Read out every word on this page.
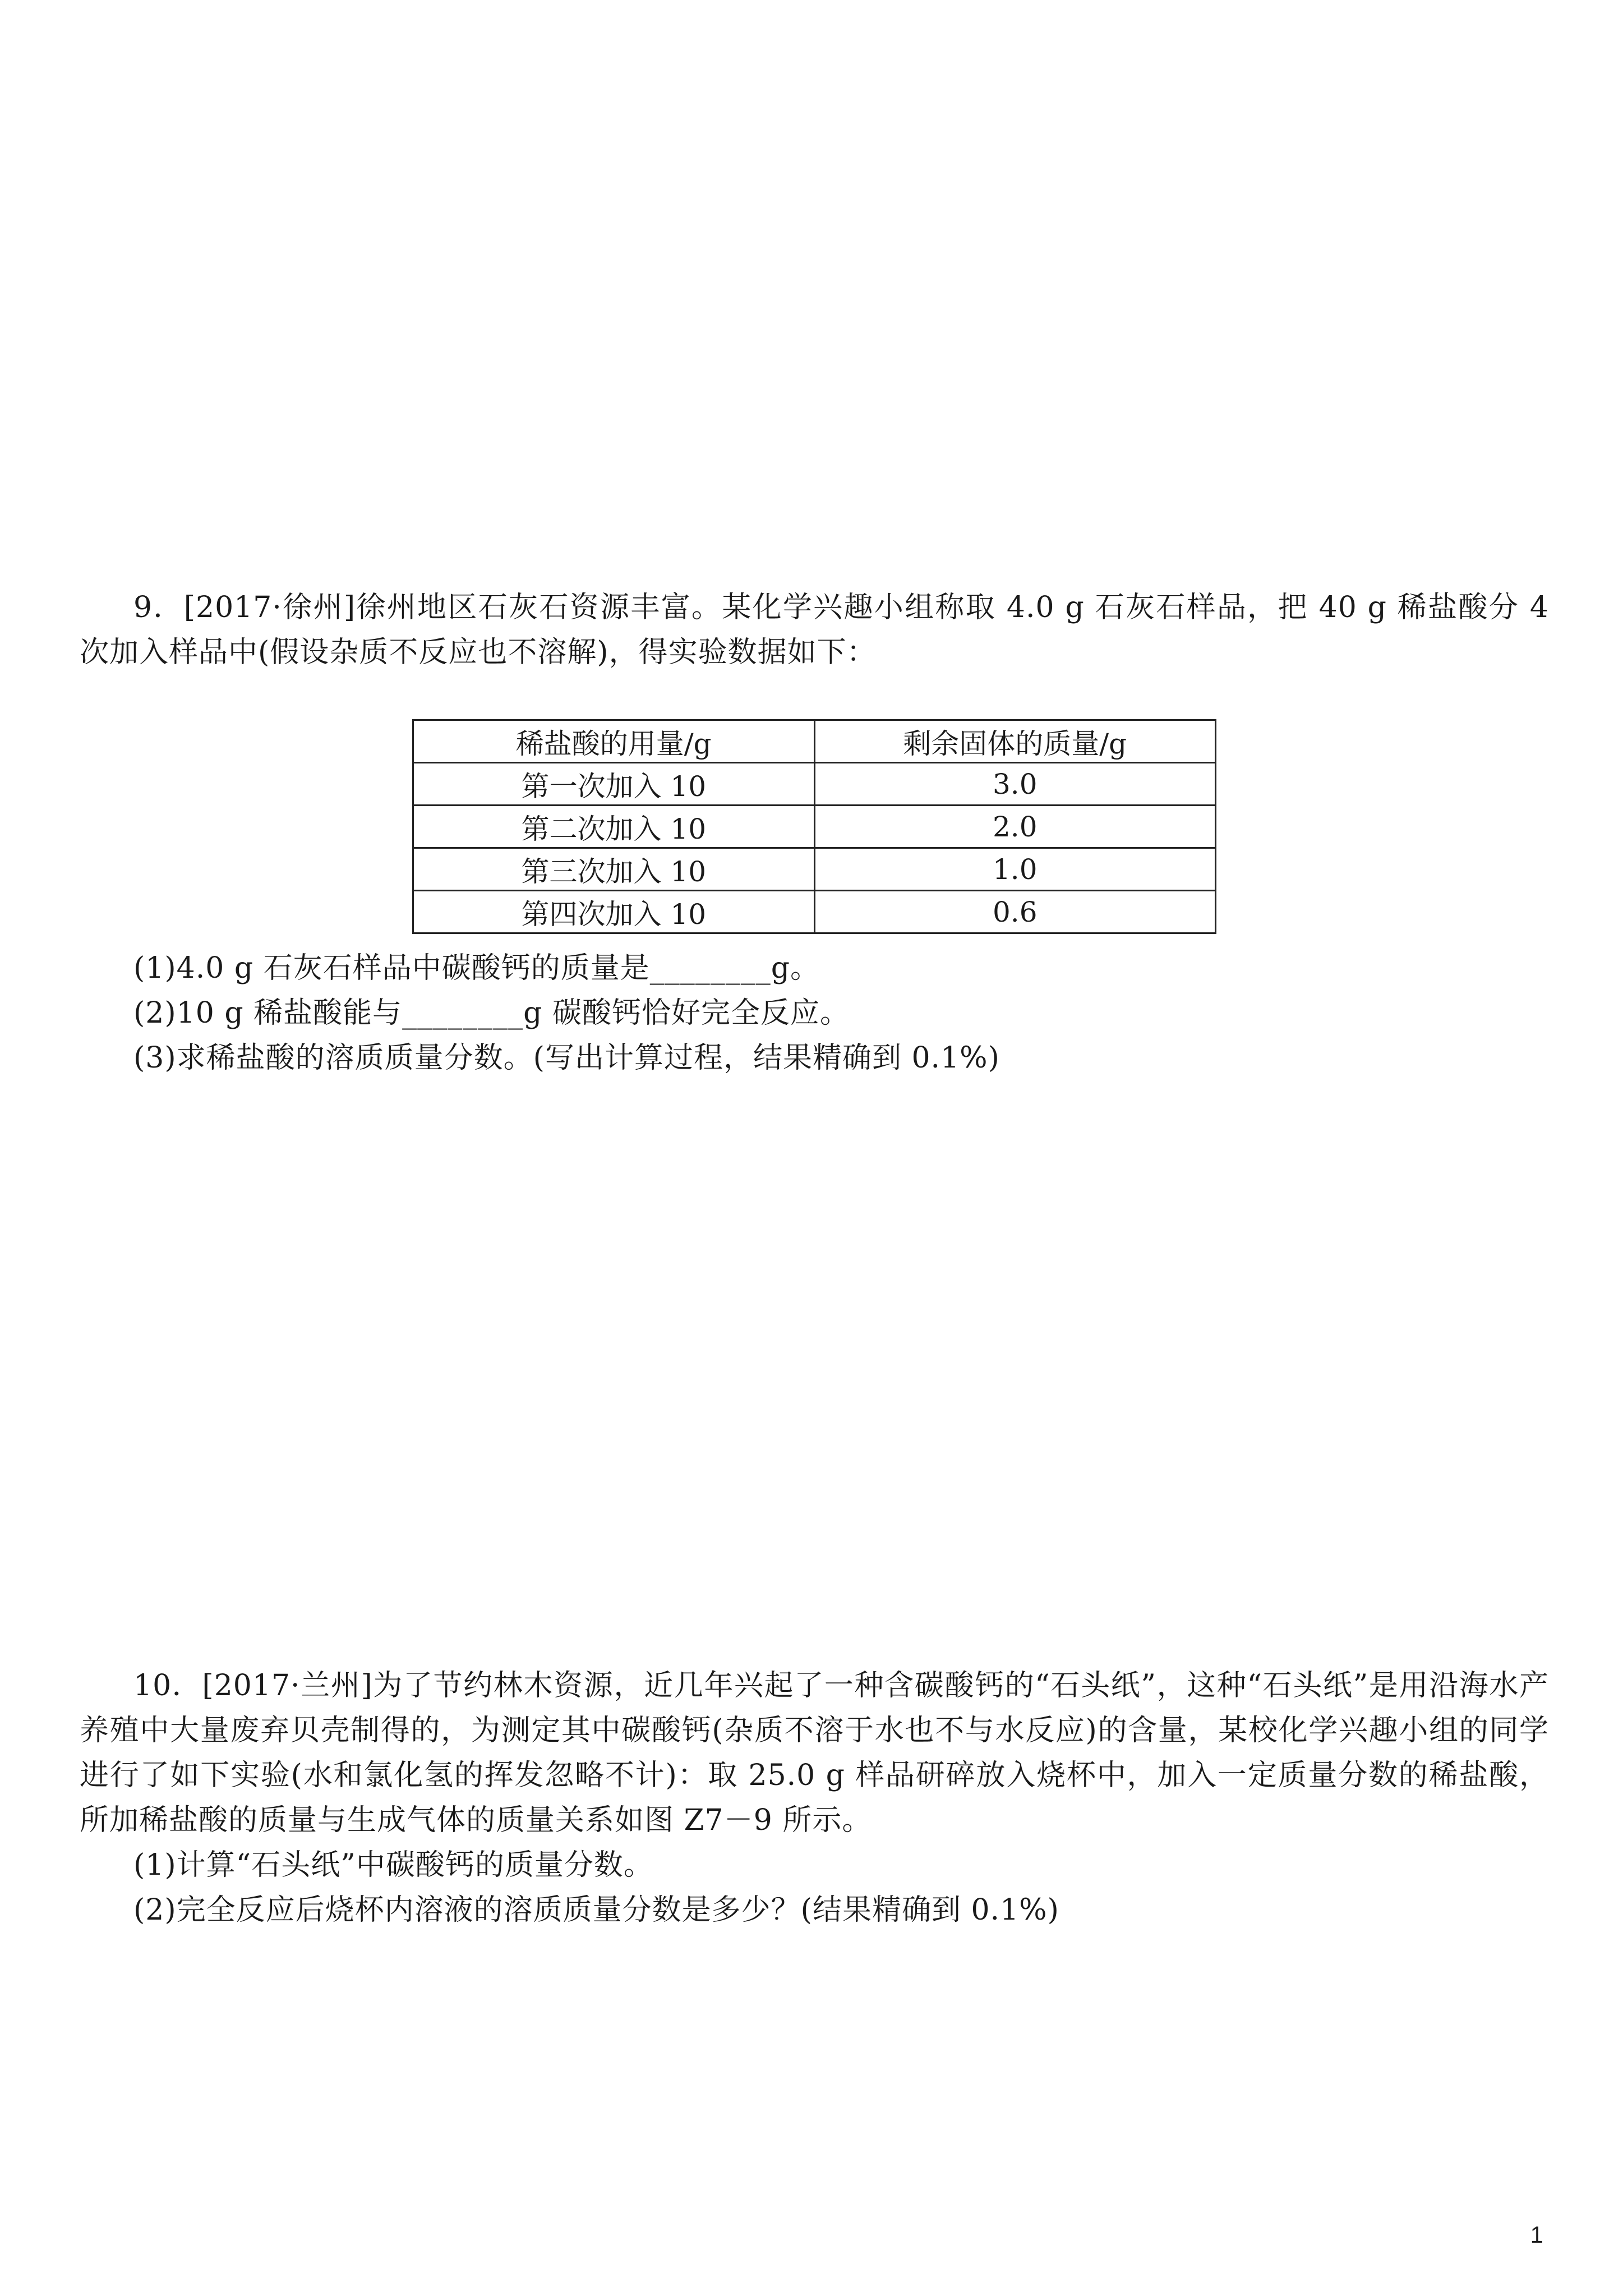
9．[2017·徐州]徐州地区石灰石资源丰富。某化学兴趣小组称取 4.0 g 石灰石样品，把 40 g 稀盐酸分 4 次加入样品中(假设杂质不反应也不溶解)，得实验数据如下：

稀盐酸的用量/g	剩余固体的质量/g
第一次加入 10	3.0
第二次加入 10	2.0
第三次加入 10	1.0
第四次加入 10	0.6

(1)4.0 g 石灰石样品中碳酸钙的质量是________g。

(2)10 g 稀盐酸能与________g 碳酸钙恰好完全反应。

(3)求稀盐酸的溶质质量分数。(写出计算过程，结果精确到 0.1%)

10．[2017·兰州]为了节约林木资源，近几年兴起了一种含碳酸钙的“石头纸”，这种“石头纸”是用沿海水产养殖中大量废弃贝壳制得的，为测定其中碳酸钙(杂质不溶于水也不与水反应)的含量，某校化学兴趣小组的同学进行了如下实验(水和氯化氢的挥发忽略不计)：取 25.0 g 样品研碎放入烧杯中，加入一定质量分数的稀盐酸，所加稀盐酸的质量与生成气体的质量关系如图 Z7－9 所示。

(1)计算“石头纸”中碳酸钙的质量分数。

(2)完全反应后烧杯内溶液的溶质质量分数是多少？(结果精确到 0.1%)

1
